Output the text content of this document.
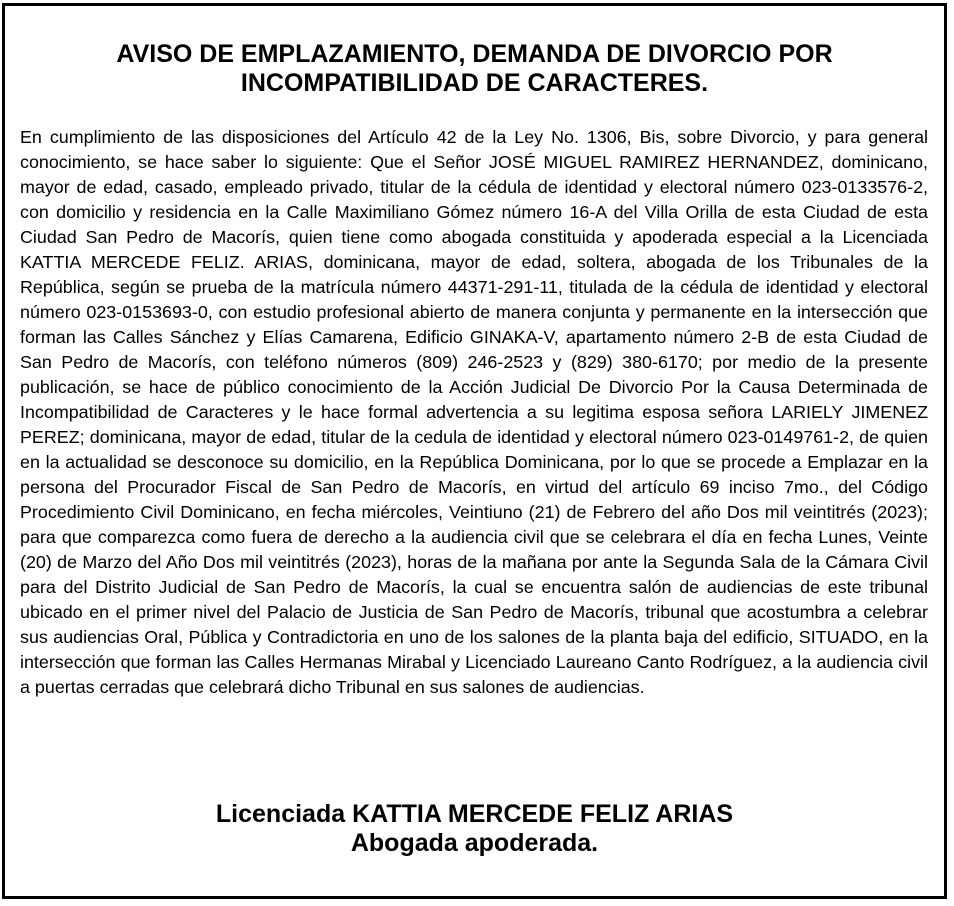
AVISO DE EMPLAZAMIENTO, DEMANDA DE DIVORCIO POR INCOMPATIBILIDAD DE CARACTERES.

En cumplimiento de las disposiciones del Artículo 42 de la Ley No. 1306, Bis, sobre Divorcio, y para general conocimiento, se hace saber lo siguiente: Que el Señor JOSÉ MIGUEL RAMIREZ HERNANDEZ, dominicano, mayor de edad, casado, empleado privado, titular de la cédula de identidad y electoral número 023-0133576-2, con domicilio y residencia en la Calle Maximiliano Gómez número 16-A del Villa Orilla de esta Ciudad de esta Ciudad San Pedro de Macorís, quien tiene como abogada constituida y apoderada especial a la Licenciada KATTIA MERCEDE FELIZ. ARIAS, dominicana, mayor de edad, soltera, abogada de los Tribunales de la República, según se prueba de la matrícula número 44371-291-11, titulada de la cédula de identidad y electoral número 023-0153693-0, con estudio profesional abierto de manera conjunta y permanente en la intersección que forman las Calles Sánchez y Elías Camarena, Edificio GINAKA-V, apartamento número 2-B de esta Ciudad de San Pedro de Macorís, con teléfono números (809) 246-2523 y (829) 380-6170; por medio de la presente publicación, se hace de público conocimiento de la Acción Judicial De Divorcio Por la Causa Determinada de Incompatibilidad de Caracteres y le hace formal advertencia a su legitima esposa señora LARIELY JIMENEZ PEREZ; dominicana, mayor de edad, titular de la cedula de identidad y electoral número 023-0149761-2, de quien en la actualidad se desconoce su domicilio, en la República Dominicana, por lo que se procede a Emplazar en la persona del Procurador Fiscal de San Pedro de Macorís, en virtud del artículo 69 inciso 7mo., del Código Procedimiento Civil Dominicano, en fecha miércoles, Veintiuno (21) de Febrero del año Dos mil veintitrés (2023); para que comparezca como fuera de derecho a la audiencia civil que se celebrara el día en fecha Lunes, Veinte (20) de Marzo del Año Dos mil veintitrés (2023), horas de la mañana por ante la Segunda Sala de la Cámara Civil para del Distrito Judicial de San Pedro de Macorís, la cual se encuentra salón de audiencias de este tribunal ubicado en el primer nivel del Palacio de Justicia de San Pedro de Macorís, tribunal que acostumbra a celebrar sus audiencias Oral, Pública y Contradictoria en uno de los salones de la planta baja del edificio, SITUADO, en la intersección que forman las Calles Hermanas Mirabal y Licenciado Laureano Canto Rodríguez, a la audiencia civil a puertas cerradas que celebrará dicho Tribunal en sus salones de audiencias.

Licenciada KATTIA MERCEDE FELIZ ARIAS
Abogada apoderada.
